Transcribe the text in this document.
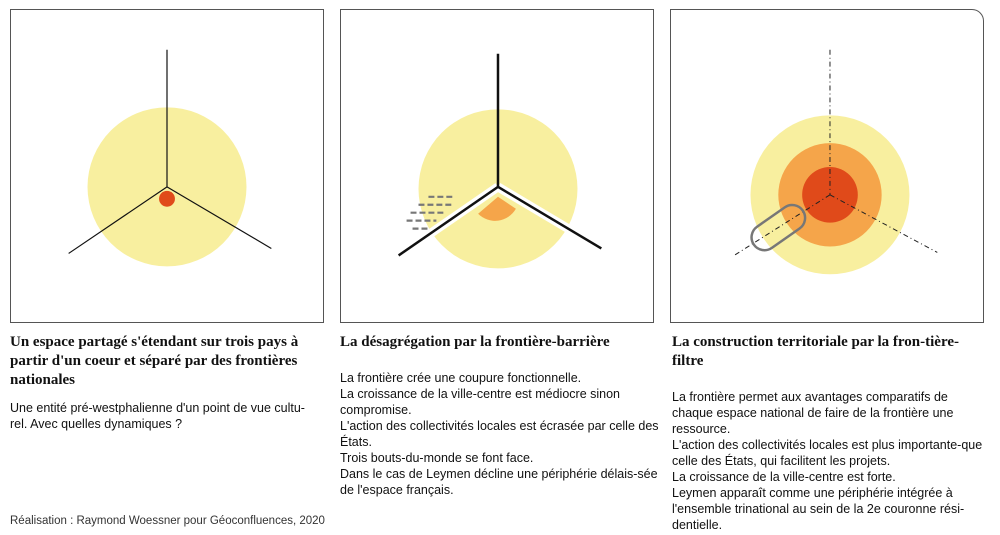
Un espace partagé s'étendant sur trois pays à partir d'un coeur et séparé par des frontières nationales

Une entité pré-westphalienne d'un point de vue cultu-
rel. Avec quelles dynamiques ?

La désagrégation par la frontière-barrière

La frontière crée une coupure fonctionnelle.
La croissance de la ville-centre est médiocre sinon compromise.
L'action des collectivités locales est écrasée par celle des États.
Trois bouts-du-monde se font face.
Dans le cas de Leymen décline une périphérie délais-sée de l'espace français.

La construction territoriale par la fron-tière-filtre

La frontière permet aux avantages comparatifs de chaque espace national de faire de la frontière une ressource.
L'action des collectivités locales est plus importante-que celle des États, qui facilitent les projets.
La croissance de la ville-centre est forte.
Leymen apparaît comme une périphérie intégrée à l'ensemble trinational au sein de la 2e couronne rési-dentielle.

Réalisation : Raymond Woessner pour Géoconfluences, 2020
